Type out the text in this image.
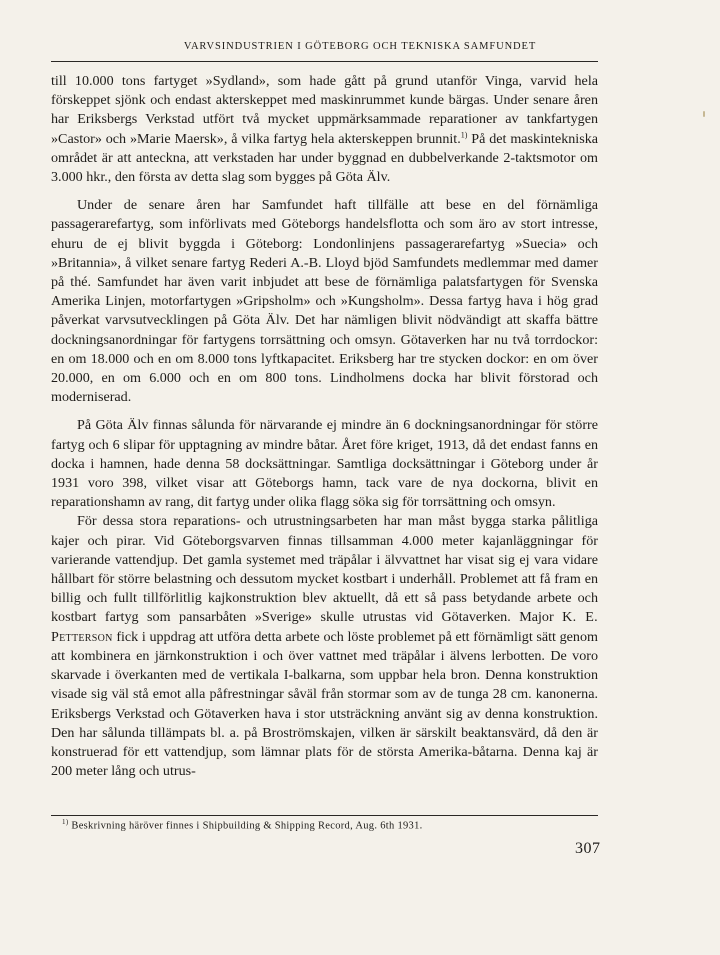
VARVSINDUSTRIEN I GÖTEBORG OCH TEKNISKA SAMFUNDET

till 10.000 tons fartyget »Sydland», som hade gått på grund utanför Vinga, varvid hela förskeppet sjönk och endast akterskeppet med maskinrummet kunde bärgas. Under senare åren har Eriksbergs Verkstad utfört två mycket uppmärksammade reparationer av tankfartygen »Castor» och »Marie Maersk», å vilka fartyg hela akterskeppen brunnit.$^{1)}$ På det maskintekniska området är att anteckna, att verkstaden har under byggnad en dubbelverkande 2-taktsmotor om 3.000 hkr., den första av detta slag som bygges på Göta Älv.

Under de senare åren har Samfundet haft tillfälle att bese en del förnämliga passagerarefartyg, som införlivats med Göteborgs handelsflotta och som äro av stort intresse, ehuru de ej blivit byggda i Göteborg: Londonlinjens passagerarefartyg »Suecia» och »Britannia», å vilket senare fartyg Rederi A.-B. Lloyd bjöd Samfundets medlemmar med damer på thé. Samfundet har även varit inbjudet att bese de förnämliga palatsfartygen för Svenska Amerika Linjen, motorfartygen »Gripsholm» och »Kungsholm». Dessa fartyg hava i hög grad påverkat varvsutvecklingen på Göta Älv. Det har nämligen blivit nödvändigt att skaffa bättre dockningsanordningar för fartygens torrsättning och omsyn. Götaverken har nu två torrdockor: en om 18.000 och en om 8.000 tons lyftkapacitet. Eriksberg har tre stycken dockor: en om över 20.000, en om 6.000 och en om 800 tons. Lindholmens docka har blivit förstorad och moderniserad.

På Göta Älv finnas sålunda för närvarande ej mindre än 6 dockningsanordningar för större fartyg och 6 slipar för upptagning av mindre båtar. Året före kriget, 1913, då det endast fanns en docka i hamnen, hade denna 58 docksättningar. Samtliga docksättningar i Göteborg under år 1931 voro 398, vilket visar att Göteborgs hamn, tack vare de nya dockorna, blivit en reparationshamn av rang, dit fartyg under olika flagg söka sig för torrsättning och omsyn.

För dessa stora reparations- och utrustningsarbeten har man måst bygga starka pålitliga kajer och pirar. Vid Göteborgsvarven finnas tillsamman 4.000 meter kajanläggningar för varierande vattendjup. Det gamla systemet med träpålar i älvvattnet har visat sig ej vara vidare hållbart för större belastning och dessutom mycket kostbart i underhåll. Problemet att få fram en billig och fullt tillförlitlig kajkonstruktion blev aktuellt, då ett så pass betydande arbete och kostbart fartyg som pansarbåten »Sverige» skulle utrustas vid Götaverken. Major K. E. Petterson fick i uppdrag att utföra detta arbete och löste problemet på ett förnämligt sätt genom att kombinera en järnkonstruktion i och över vattnet med träpålar i älvens lerbotten. De voro skarvade i överkanten med de vertikala I-balkarna, som uppbar hela bron. Denna konstruktion visade sig väl stå emot alla påfrestningar såväl från stormar som av de tunga 28 cm. kanonerna. Eriksbergs Verkstad och Götaverken hava i stor utsträckning använt sig av denna konstruktion. Den har sålunda tillämpats bl. a. på Broströmskajen, vilken är särskilt beaktansvärd, då den är konstruerad för ett vattendjup, som lämnar plats för de största Amerika-båtarna. Denna kaj är 200 meter lång och utrus-

$^{1)}$ Beskrivning häröver finnes i Shipbuilding & Shipping Record, Aug. 6th 1931.
307
